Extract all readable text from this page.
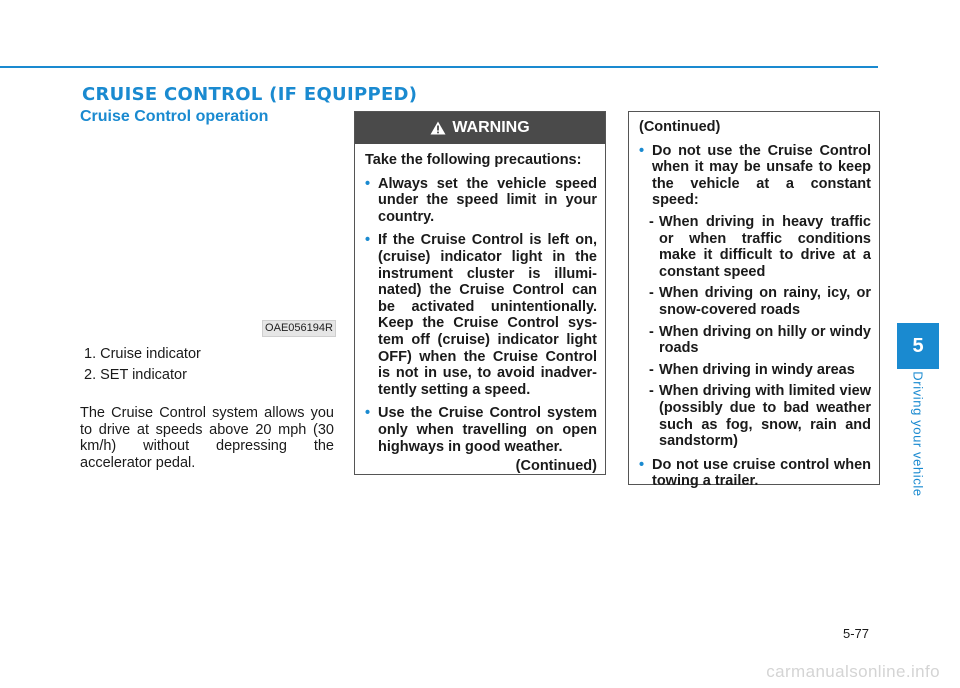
CRUISE CONTROL (IF EQUIPPED)
Cruise Control operation
OAE056194R
1. Cruise indicator
2. SET indicator
The Cruise Control system allows you to drive at speeds above 20 mph (30 km/h) without depressing the accelerator pedal.
WARNING
Take the following precautions:
• Always set the vehicle speed under the speed limit in your country.
• If the Cruise Control is left on, (cruise) indicator light in the instrument cluster is illumi-nated) the Cruise Control can be activated unintentionally. Keep the Cruise Control sys-tem off (cruise) indicator light OFF) when the Cruise Control is not in use, to avoid inadver-tently setting a speed.
• Use the Cruise Control system only when travelling on open highways in good weather.
(Continued)
(Continued)
• Do not use the Cruise Control when it may be unsafe to keep the vehicle at a constant speed:
- When driving in heavy traffic or when traffic conditions make it difficult to drive at a constant speed
- When driving on rainy, icy, or snow-covered roads
- When driving on hilly or windy roads
- When driving in windy areas
- When driving with limited view (possibly due to bad weather such as fog, snow, rain and sandstorm)
• Do not use cruise control when towing a trailer.
5
Driving your vehicle
5-77
carmanualsonline.info
